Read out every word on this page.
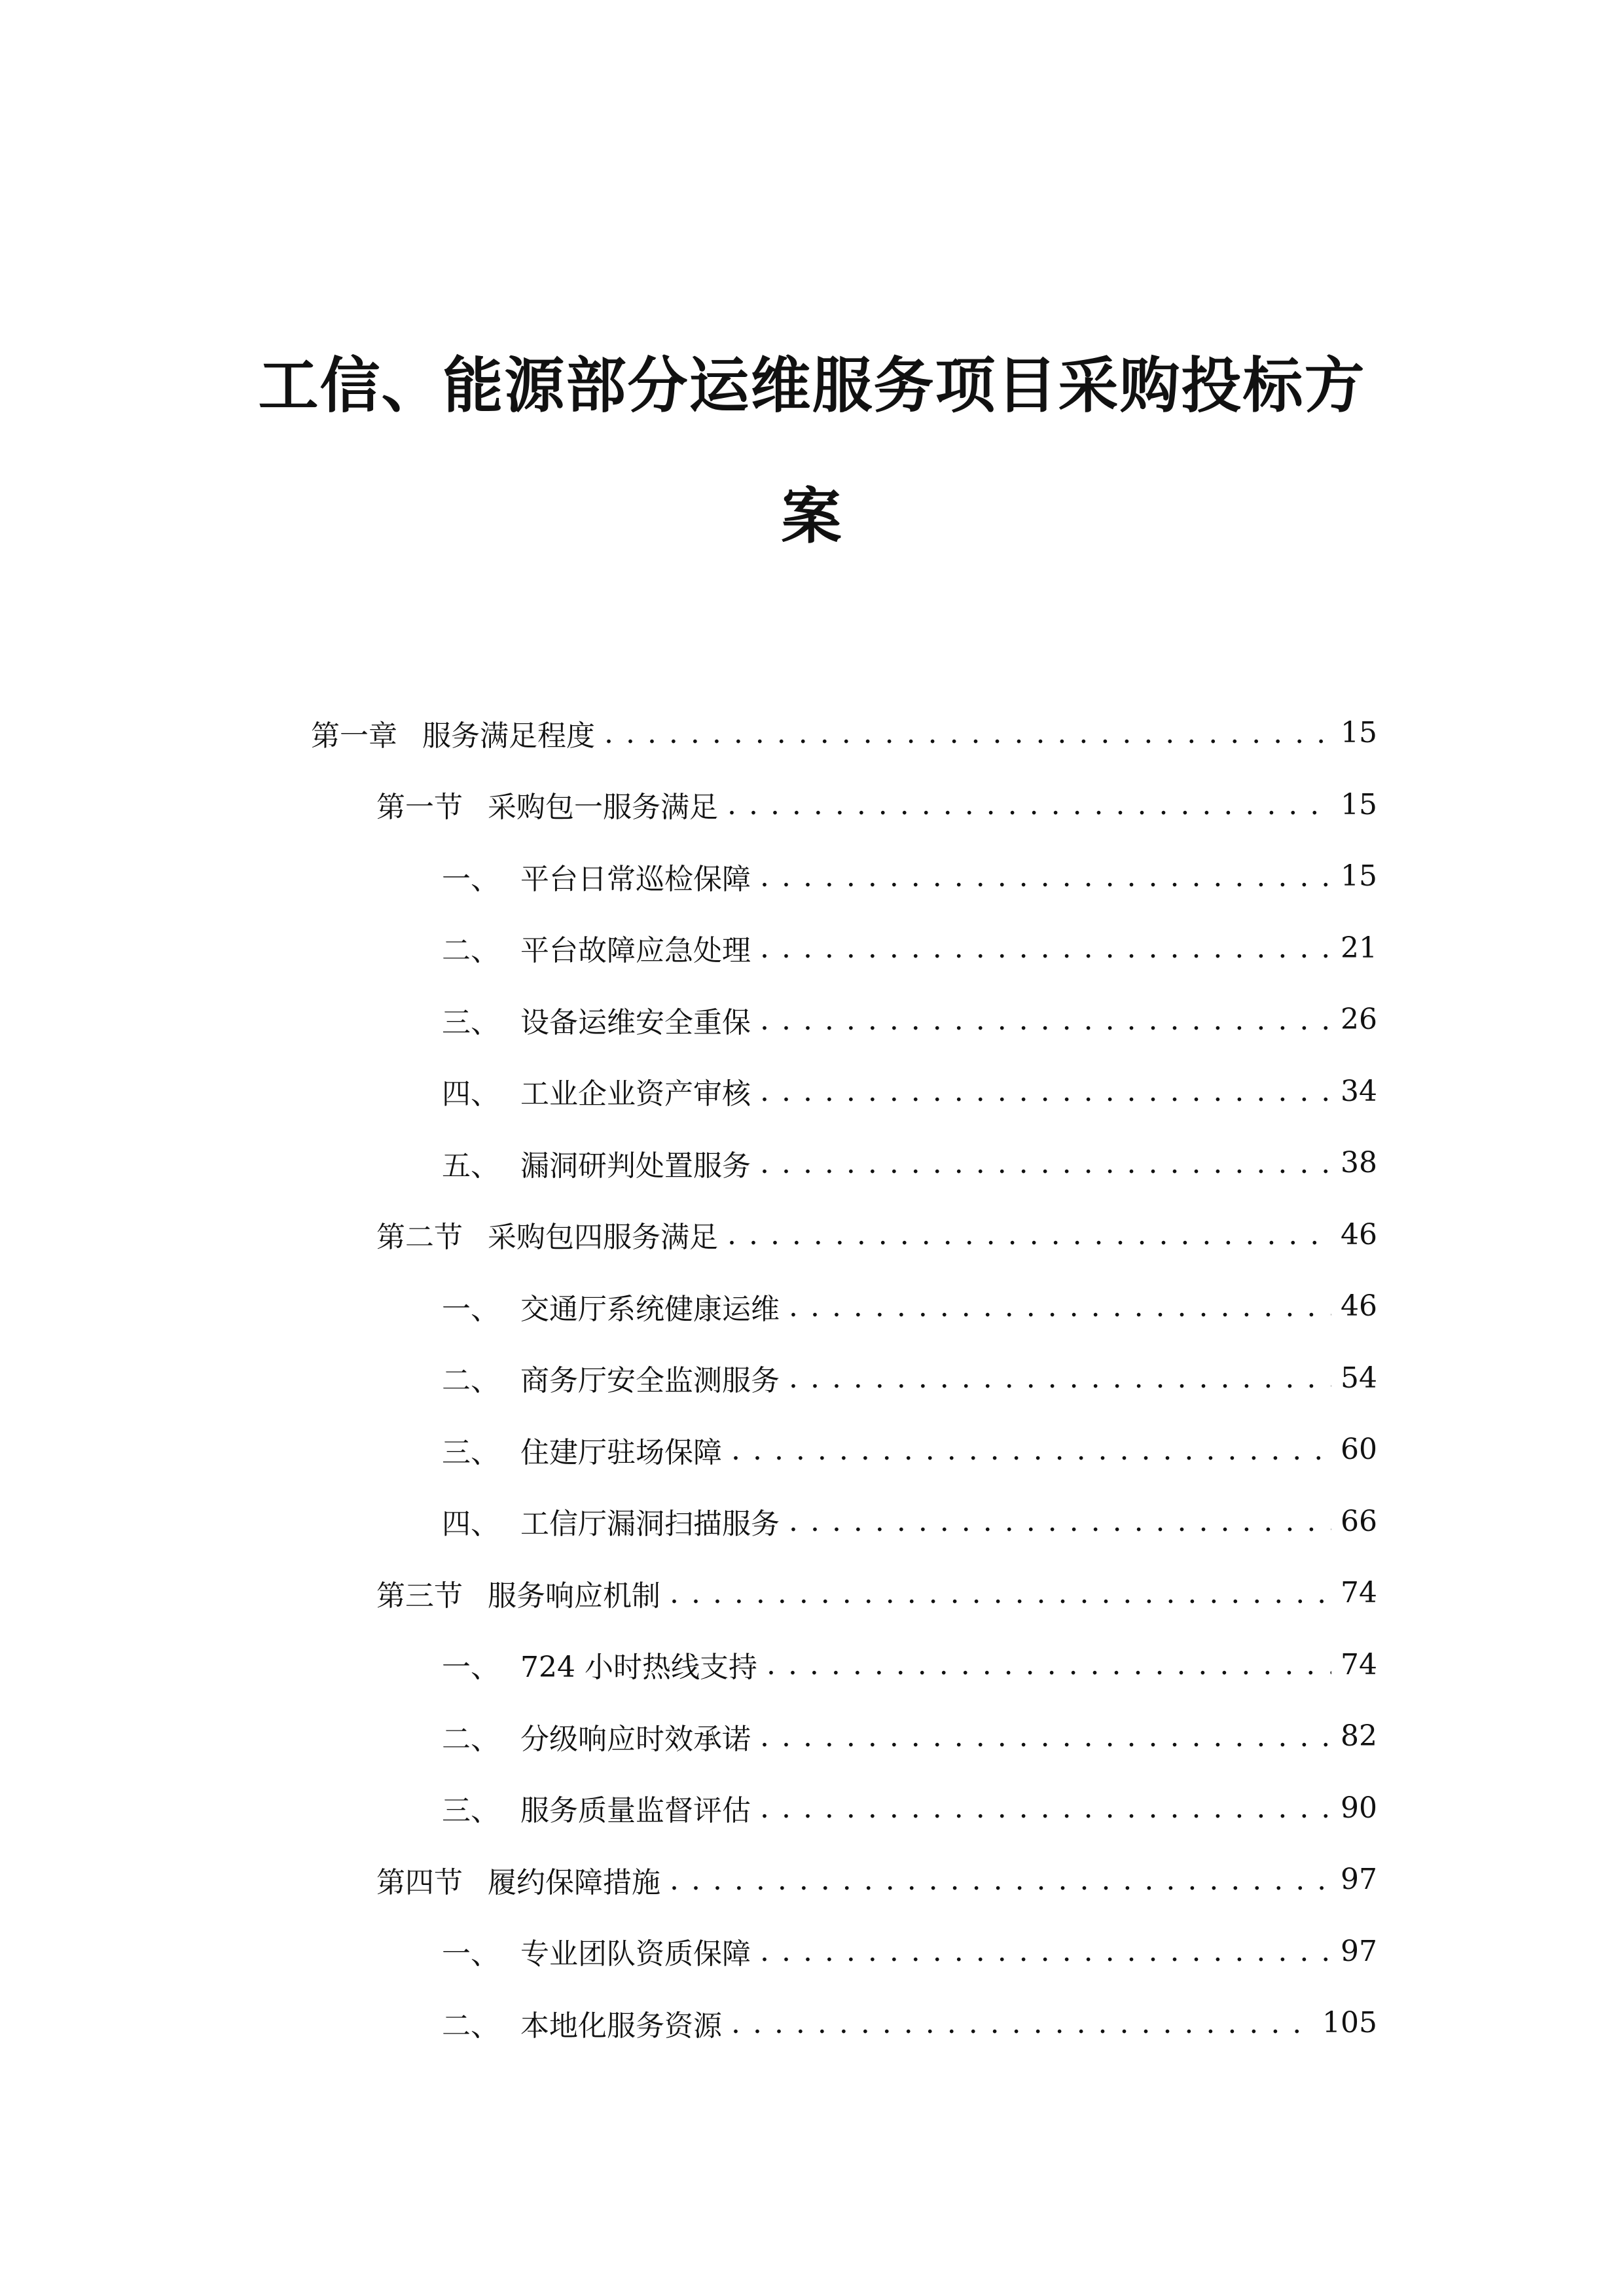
工信、能源部分运维服务项目采购投标方
案
第一章 服务满足程度 . . .	15
第一节 采购包一服务满足 . . .	15
一、 平台日常巡检保障 . . .	15
二、 平台故障应急处理 . . .	21
三、 设备运维安全重保 . . .	26
四、 工业企业资产审核 . . .	34
五、 漏洞研判处置服务 . . .	38
第二节 采购包四服务满足 . . .	46
一、 交通厅系统健康运维 . . .	46
二、 商务厅安全监测服务 . . .	54
三、 住建厅驻场保障 . . .	60
四、 工信厅漏洞扫描服务 . . .	66
第三节 服务响应机制 . . .	74
一、 724 小时热线支持 . . .	74
二、 分级响应时效承诺 . . .	82
三、 服务质量监督评估 . . .	90
第四节 履约保障措施 . . .	97
一、 专业团队资质保障 . . .	97
二、 本地化服务资源 . . .	105
